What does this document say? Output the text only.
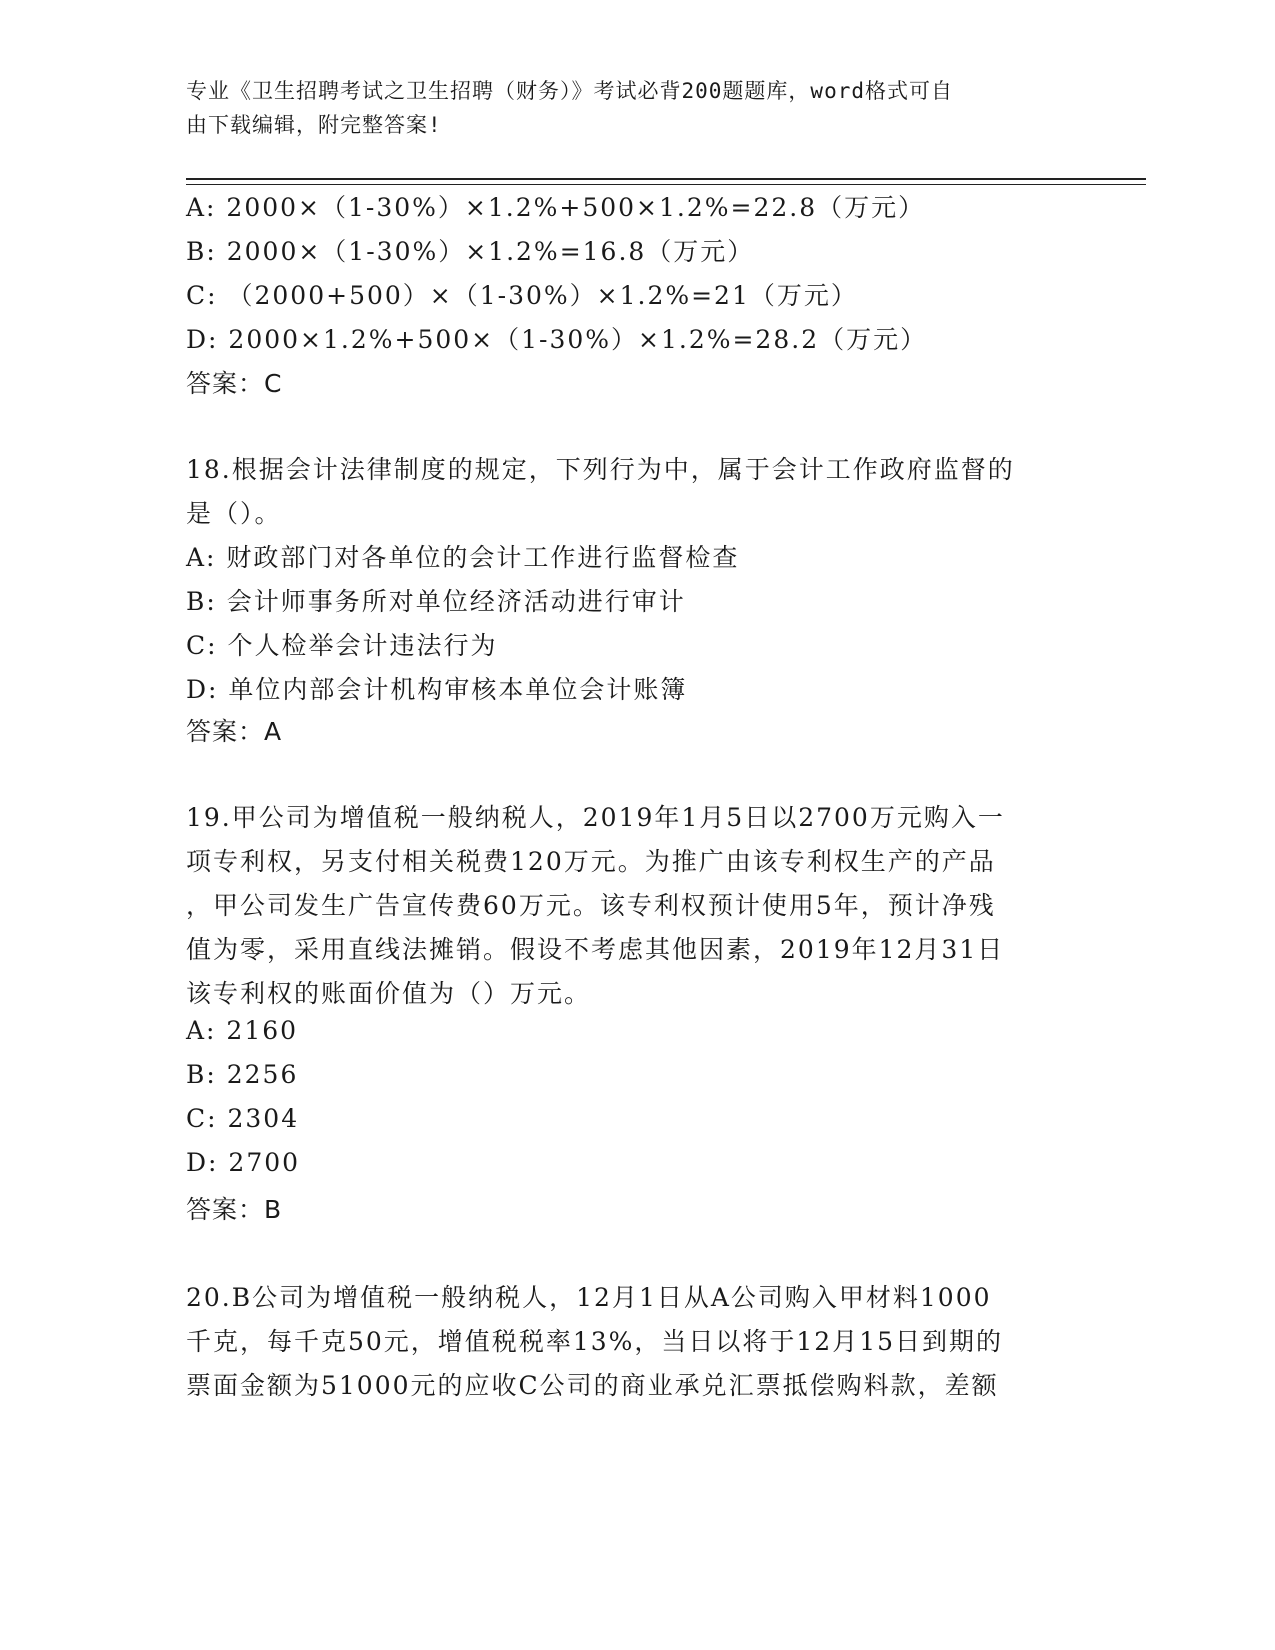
专业《卫生招聘考试之卫生招聘（财务）》考试必背200题题库，word格式可自
由下载编辑，附完整答案!
A: 2000×（1-30%）×1.2%+500×1.2%=22.8（万元）
B: 2000×（1-30%）×1.2%=16.8（万元）
C: （2000+500）×（1-30%）×1.2%=21（万元）
D: 2000×1.2%+500×（1-30%）×1.2%=28.2（万元）
答案：C
18.根据会计法律制度的规定，下列行为中，属于会计工作政府监督的
是（）。
A: 财政部门对各单位的会计工作进行监督检查
B: 会计师事务所对单位经济活动进行审计
C: 个人检举会计违法行为
D: 单位内部会计机构审核本单位会计账簿
答案：A
19.甲公司为增值税一般纳税人，2019年1月5日以2700万元购入一
项专利权，另支付相关税费120万元。为推广由该专利权生产的产品
，甲公司发生广告宣传费60万元。该专利权预计使用5年，预计净残
值为零，采用直线法摊销。假设不考虑其他因素，2019年12月31日
该专利权的账面价值为（）万元。
A: 2160
B: 2256
C: 2304
D: 2700
答案：B
20.B公司为增值税一般纳税人，12月1日从A公司购入甲材料1000
千克，每千克50元，增值税税率13%，当日以将于12月15日到期的
票面金额为51000元的应收C公司的商业承兑汇票抵偿购料款，差额
